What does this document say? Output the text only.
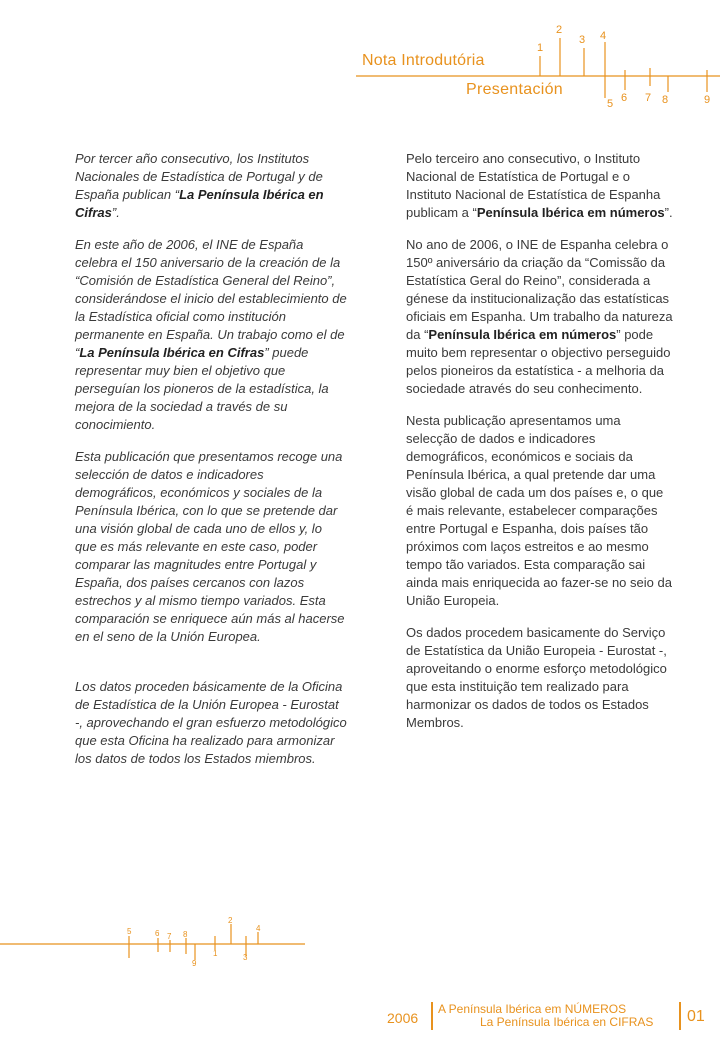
1
2
3 4
5 6 7 8	9
Nota Introdutória
Presentación

Por tercer año consecutivo, los Institutos Nacionales de Estadística de Portugal y de España publican “La Península Ibérica en Cifras”.

En este año de 2006, el INE de España celebra el 150 aniversario de la creación de la “Comisión de Estadística General del Reino”, considerándose el inicio del establecimiento de la Estadística oficial como institución permanente en España. Un trabajo como el de “La Península Ibérica en Cifras” puede representar muy bien el objetivo que perseguían los pioneros de la estadística, la mejora de la sociedad a través de su conocimiento.

Esta publicación que presentamos recoge una selección de datos e indicadores demográficos, económicos y sociales de la Península Ibérica, con lo que se pretende dar una visión global de cada uno de ellos y, lo que es más relevante en este caso, poder comparar las magnitudes entre Portugal y España, dos países cercanos con lazos estrechos y al mismo tiempo variados. Esta comparación se enriquece aún más al hacerse en el seno de la Unión Europea.

Los datos proceden básicamente de la Oficina de Estadística de la Unión Europea - Eurostat -, aprovechando el gran esfuerzo metodológico que esta Oficina ha realizado para armonizar los datos de todos los Estados miembros.

Pelo terceiro ano consecutivo, o Instituto Nacional de Estatística de Portugal e o Instituto Nacional de Estatística de Espanha publicam a “Península Ibérica em números”.

No ano de 2006, o INE de Espanha celebra o 150º aniversário da criação da “Comissão da Estatística Geral do Reino”, considerada a génese da institucionalização das estatísticas oficiais em Espanha. Um trabalho da natureza da “Península Ibérica em números” pode muito bem representar o objectivo perseguido pelos pioneiros da estatística - a melhoria da sociedade através do seu conhecimento.

Nesta publicação apresentamos uma selecção de dados e indicadores demográficos, económicos e sociais da Península Ibérica, a qual pretende dar uma visão global de cada um dos países e, o que é mais relevante, estabelecer comparações entre Portugal e Espanha, dois países tão próximos com laços estreitos e ao mesmo tempo tão variados. Esta comparação sai ainda mais enriquecida ao fazer-se no seio da União Europeia.

Os dados procedem basicamente do Serviço de Estatística da União Europeia - Eurostat -, aproveitando o enorme esforço metodológico que esta instituição tem realizado para harmonizar os dados de todos os Estados Membros.

5	6 7 8
9
1
2
3
4
2006
A Península Ibérica em NÚMEROS
La Península Ibérica en CIFRAS 01
